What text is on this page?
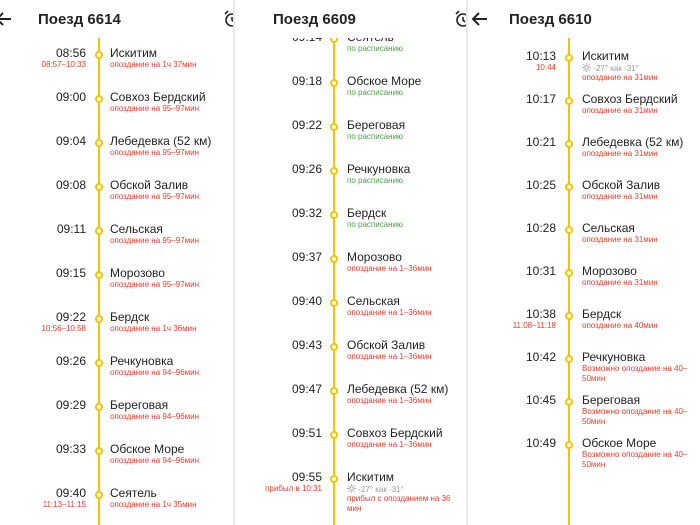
08:56 Искитим
опоздание на 1ч 37мин
08:57–10:33
09:00 Совхоз Бердский
опоздание на 95–97мин
09:04 Лебедевка (52 км)
опоздание на 95–97мин
09:08 Обской Залив
опоздание на 95–97мин
09:11 Сельская
опоздание на 95–97мин
09:15 Морозово
опоздание на 95–97мин
09:22 Бердск
опоздание на 1ч 36мин
10:56–10:58
09:26 Речкуновка
опоздание на 94–96мин
09:29 Береговая
опоздание на 94–96мин
09:33 Обское Море
опоздание на 94–96мин
09:40 Сеятель
опоздание на 1ч 35мин
11:13–11:15
Поезд 6614
по расписанию
09:18 Обское Море
по расписанию
09:22 Береговая
по расписанию
09:26 Речкуновка
по расписанию
09:32 Бердск
по расписанию
09:37 Морозово
опоздание на 1–36мин
09:40 Сельская
опоздание на 1–36мин
09:43 Обской Залив
опоздание на 1–36мин
09:47 Лебедевка (52 км)
опоздание на 1–36мин
09:51 Совхоз Бердский
опоздание на 1–36мин
09:55 Искитим
-27° как -31°
прибыл с опозданием на 36
мин
прибыл в 10:31
Поезд 6609
10:13 Искитим
-27° как -31°
опоздание на 31мин
10:44
10:17 Совхоз Бердский
опоздание на 31мин
10:21 Лебедевка (52 км)
опоздание на 31мин
10:25 Обской Залив
опоздание на 31мин
10:28 Сельская
опоздание на 31мин
10:31 Морозово
опоздание на 31мин
10:38 Бердск
опоздание на 40мин
11:08–11:18
10:42 Речкуновка
Возможно опоздание на 40–
50мин
10:45 Береговая
Возможно опоздание на 40–
50мин
10:49 Обское Море
Возможно опоздание на 40–
50мин
Поезд 6610
